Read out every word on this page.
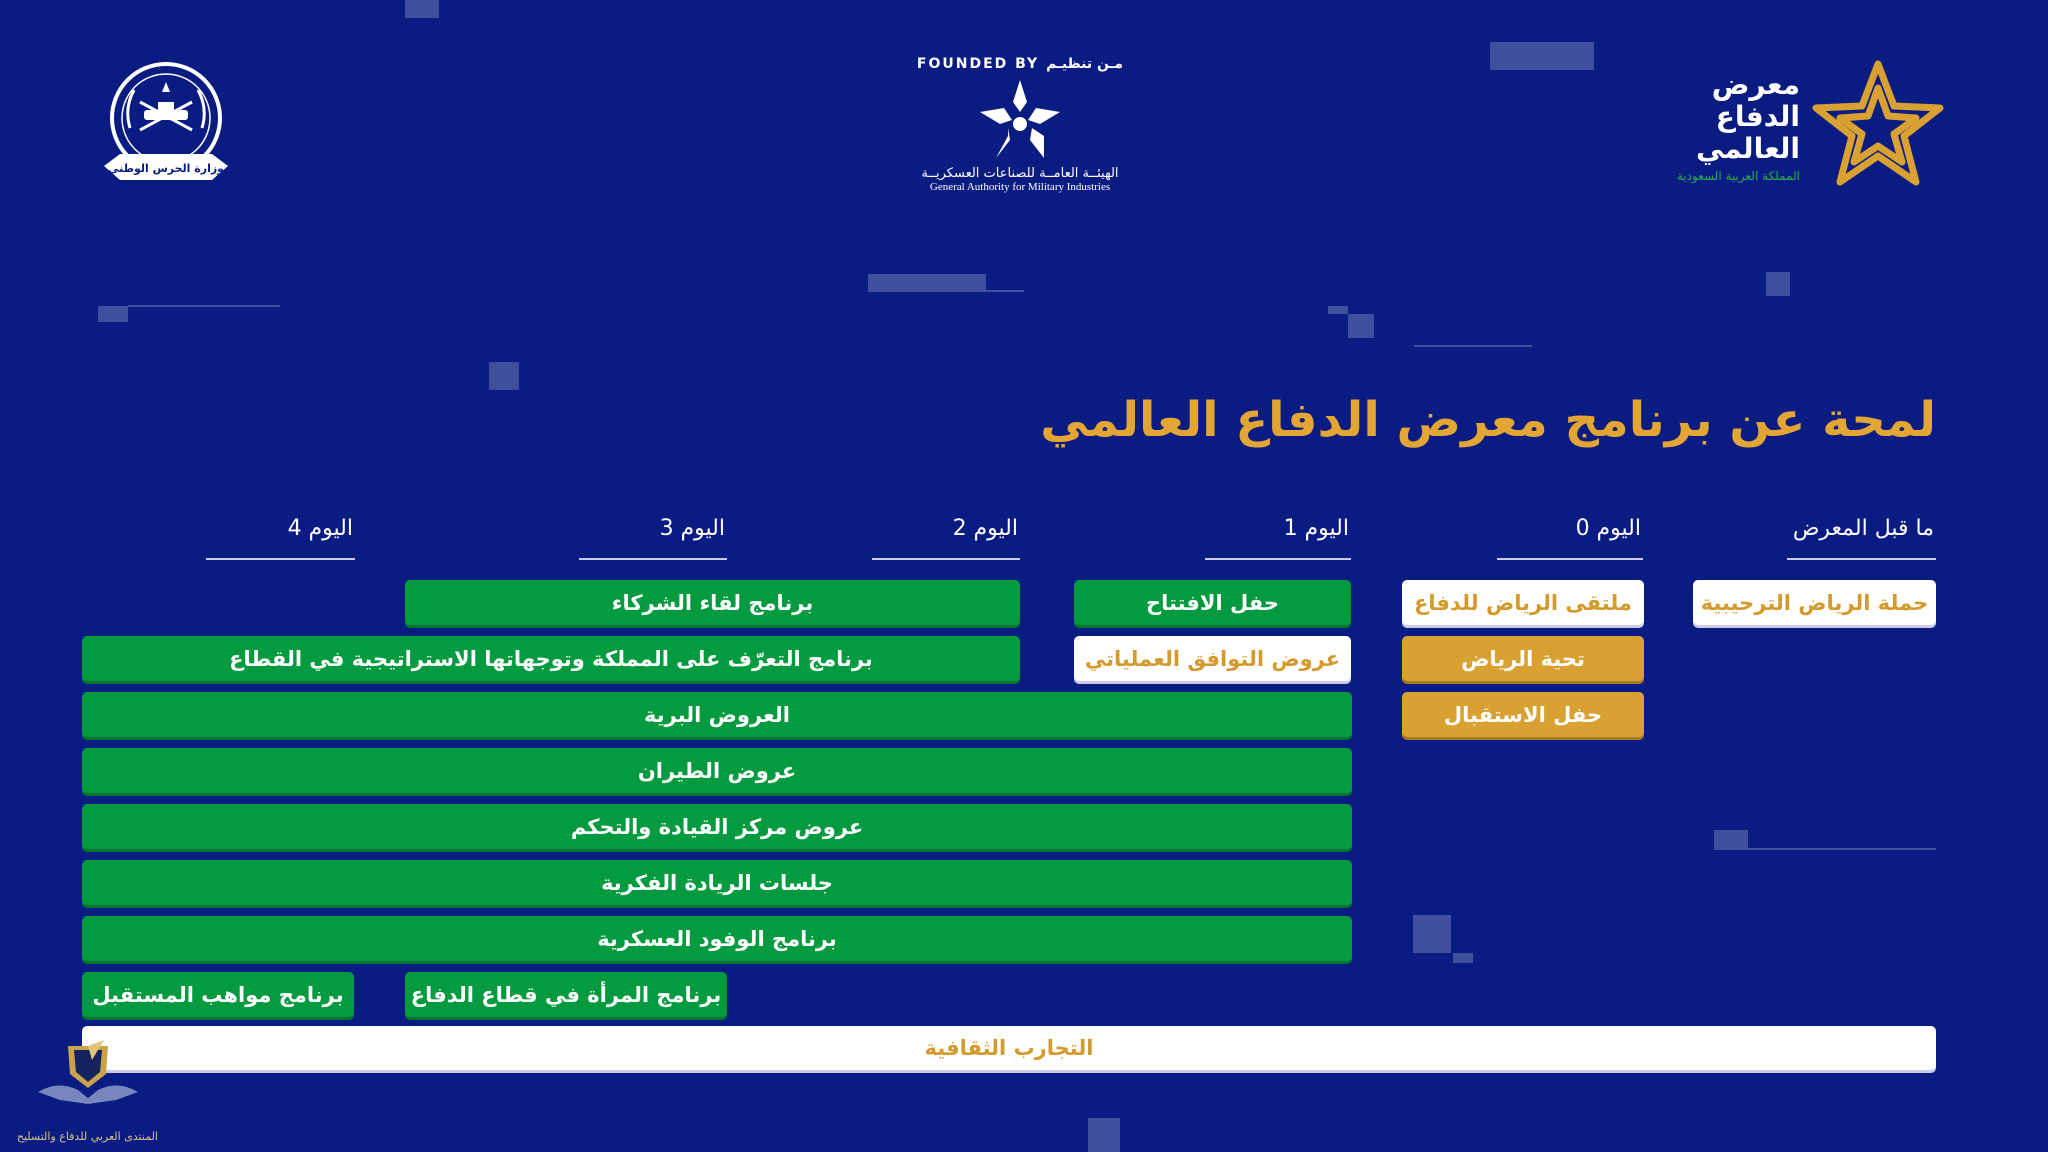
وزارة الحرس الوطني
FOUNDED BY مـن تنظيـم
الهيئــة العامــة للصناعات العسكريــة
General Authority for Military Industries
معرض
الدفاع
العالمي
المملكة العربية السعودية
لمحة عن برنامج معرض الدفاع العالمي
ما قبل المعرض
اليوم 0
اليوم 1
اليوم 2
اليوم 3
اليوم 4
حملة الرياض الترحيبية
ملتقى الرياض للدفاع
حفل الافتتاح
برنامج لقاء الشركاء
تحية الرياض
عروض التوافق العملياتي
برنامج التعرّف على المملكة وتوجهاتها الاستراتيجية في القطاع
حفل الاستقبال
العروض البرية
عروض الطيران
عروض مركز القيادة والتحكم
جلسات الريادة الفكرية
برنامج الوفود العسكرية
برنامج المرأة في قطاع الدفاع
برنامج مواهب المستقبل
التجارب الثقافية
المنتدى العربي للدفاع والتسليح
